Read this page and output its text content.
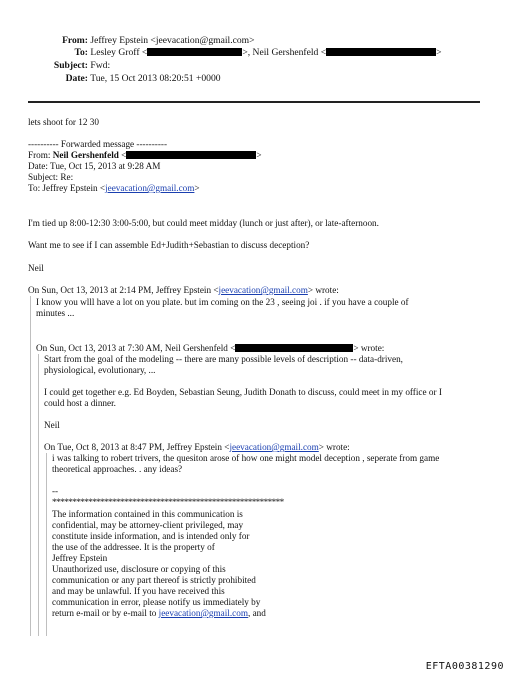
From: Jeffrey Epstein <jeevacation@gmail.com>
To: Lesley Groff <	>, Neil Gershenfeld <	>
Subject: Fwd:
Date: Tue, 15 Oct 2013 08:20:51 +0000
lets shoot for 12 30
---------- Forwarded message ----------
From: Neil Gershenfeld <	>
Date: Tue, Oct 15, 2013 at 9:28 AM
Subject: Re:
To: Jeffrey Epstein <jeevacation@gmail.com>
I'm tied up 8:00-12:30 3:00-5:00, but could meet midday (lunch or just after), or late-afternoon.
Want me to see if I can assemble Ed+Judith+Sebastian to discuss deception?
Neil
On Sun, Oct 13, 2013 at 2:14 PM, Jeffrey Epstein <jeevacation@gmail.com> wrote:
I know you wlll have a lot on you plate. but im coming on the 23 , seeing joi . if you have a couple of
minutes ...
On Sun, Oct 13, 2013 at 7:30 AM, Neil Gershenfeld <	> wrote:
Start from the goal of the modeling -- there are many possible levels of description -- data-driven,
physiological, evolutionary, ...
I could get together e.g. Ed Boyden, Sebastian Seung, Judith Donath to discuss, could meet in my office or I
could host a dinner.
Neil
On Tue, Oct 8, 2013 at 8:47 PM, Jeffrey Epstein <jeevacation@gmail.com> wrote:
i was talking to robert trivers, the quesiton arose of how one might model deception , seperate from game
theoretical approaches. . any ideas?
--
**********************************************************
The information contained in this communication is
confidential, may be attorney-client privileged, may
constitute inside information, and is intended only for
the use of the addressee. It is the property of
Jeffrey Epstein
Unauthorized use, disclosure or copying of this
communication or any part thereof is strictly prohibited
and may be unlawful. If you have received this
communication in error, please notify us immediately by
return e-mail or by e-mail to jeevacation@gmail.com, and
EFTA00381290
